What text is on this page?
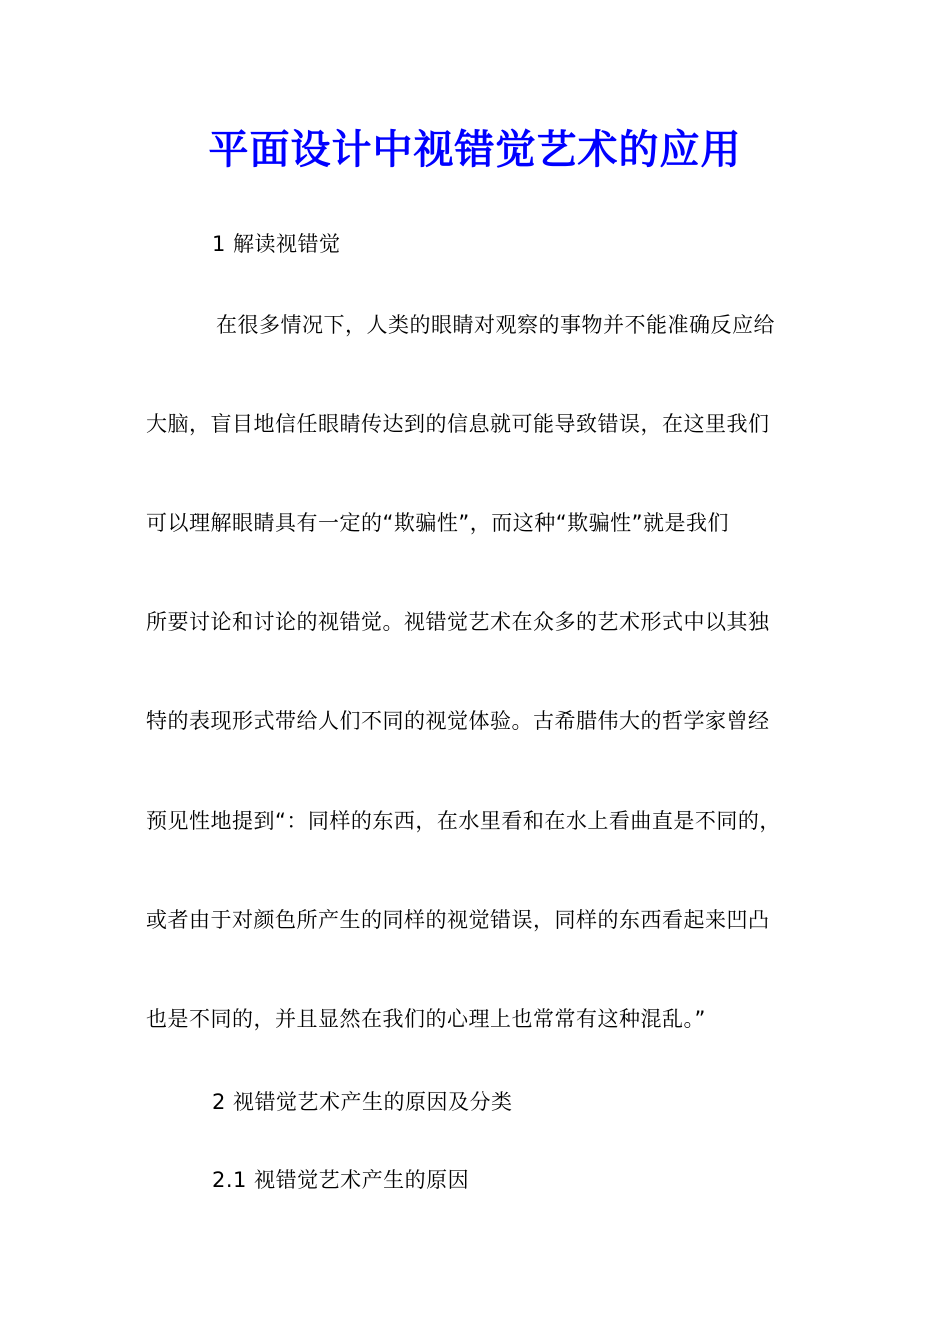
平面设计中视错觉艺术的应用
1 解读视错觉
在很多情况下，人类的眼睛对观察的事物并不能准确反应给
大脑，盲目地信任眼睛传达到的信息就可能导致错误，在这里我们
可以理解眼睛具有一定的“欺骗性”，而这种“欺骗性”就是我们
所要讨论和讨论的视错觉。视错觉艺术在众多的艺术形式中以其独
特的表现形式带给人们不同的视觉体验。古希腊伟大的哲学家曾经
预见性地提到“：同样的东西，在水里看和在水上看曲直是不同的，
或者由于对颜色所产生的同样的视觉错误，同样的东西看起来凹凸
也是不同的，并且显然在我们的心理上也常常有这种混乱。”
2 视错觉艺术产生的原因及分类
2.1 视错觉艺术产生的原因
